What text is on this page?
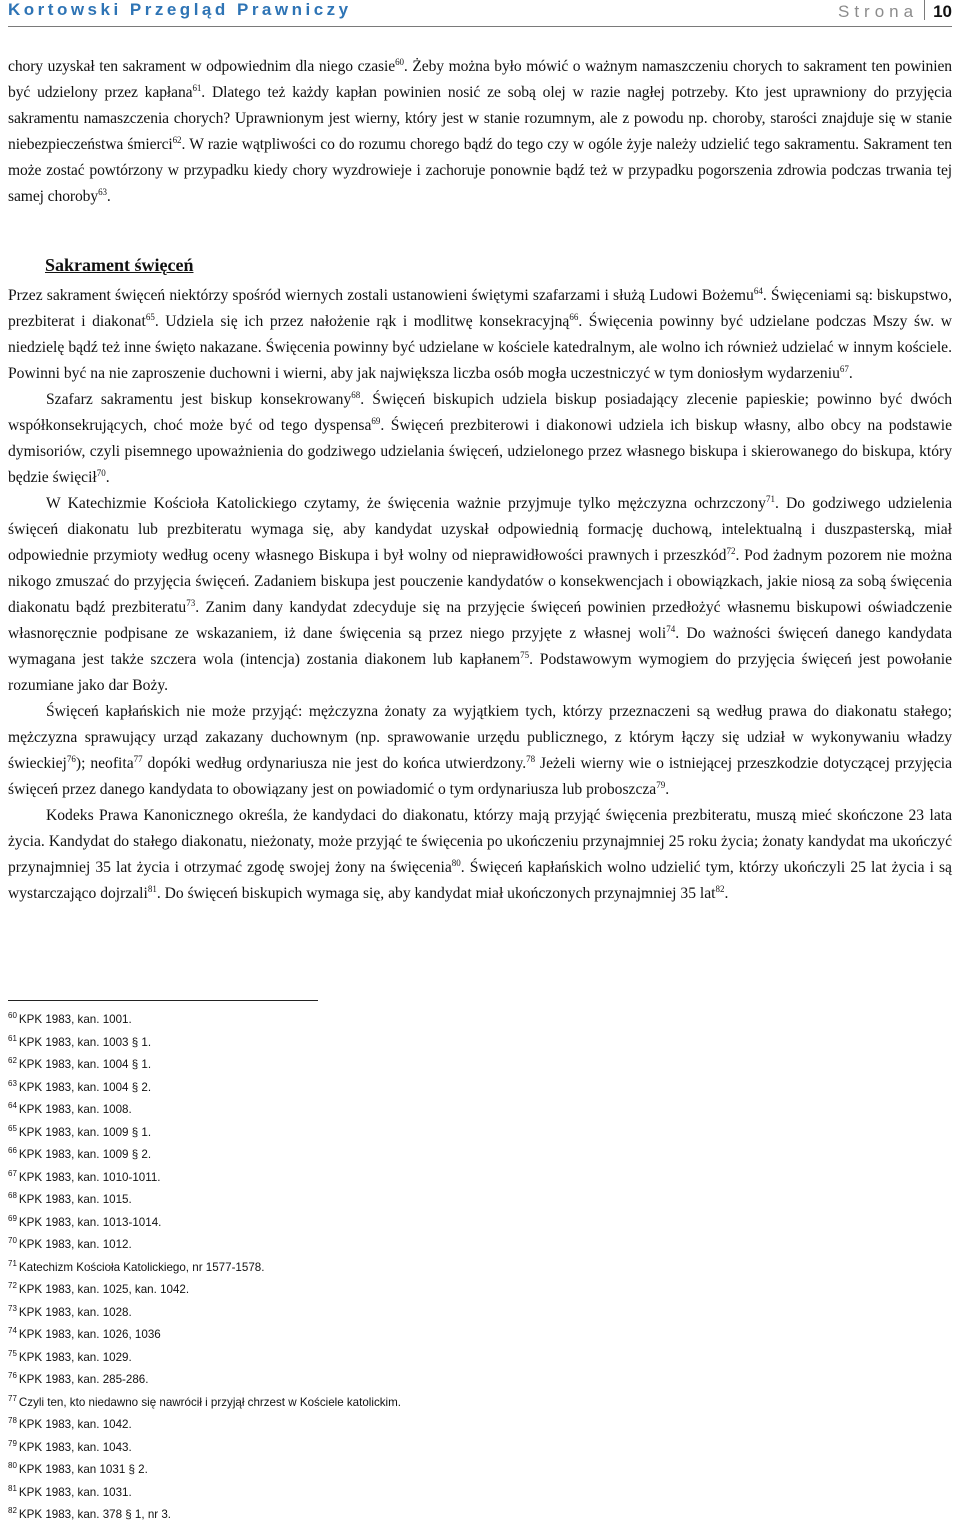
Kortowski Przegląd Prawniczy	Strona 10

chory uzyskał ten sakrament w odpowiednim dla niego czasie$^{60}$. Żeby można było mówić o ważnym namaszczeniu chorych to sakrament ten powinien być udzielony przez kapłana$^{61}$. Dlatego też każdy kapłan powinien nosić ze sobą olej w razie nagłej potrzeby. Kto jest uprawniony do przyjęcia sakramentu namaszczenia chorych? Uprawnionym jest wierny, który jest w stanie rozumnym, ale z powodu np. choroby, starości znajduje się w stanie niebezpieczeństwa śmierci$^{62}$. W razie wątpliwości co do rozumu chorego bądź do tego czy w ogóle żyje należy udzielić tego sakramentu. Sakrament ten może zostać powtórzony w przypadku kiedy chory wyzdrowieje i zachoruje ponownie bądź też w przypadku pogorszenia zdrowia podczas trwania tej samej choroby$^{63}$.

Sakrament święceń

Przez sakrament święceń niektórzy spośród wiernych zostali ustanowieni świętymi szafarzami i służą Ludowi Bożemu$^{64}$. Święceniami są: biskupstwo, prezbiterat i diakonat$^{65}$. Udziela się ich przez nałożenie rąk i modlitwę konsekracyjną$^{66}$. Święcenia powinny być udzielane podczas Mszy św. w niedzielę bądź też inne święto nakazane. Święcenia powinny być udzielane w kościele katedralnym, ale wolno ich również udzielać w innym kościele. Powinni być na nie zaproszenie duchowni i wierni, aby jak największa liczba osób mogła uczestniczyć w tym doniosłym wydarzeniu$^{67}$.

Szafarz sakramentu jest biskup konsekrowany$^{68}$. Święceń biskupich udziela biskup posiadający zlecenie papieskie; powinno być dwóch współkonsekrujących, choć może być od tego dyspensa$^{69}$. Święceń prezbiterowi i diakonowi udziela ich biskup własny, albo obcy na podstawie dymisoriów, czyli pisemnego upoważnienia do godziwego udzielania święceń, udzielonego przez własnego biskupa i skierowanego do biskupa, który będzie święcił$^{70}$.

W Katechizmie Kościoła Katolickiego czytamy, że święcenia ważnie przyjmuje tylko mężczyzna ochrzczony$^{71}$. Do godziwego udzielenia święceń diakonatu lub prezbiteratu wymaga się, aby kandydat uzyskał odpowiednią formację duchową, intelektualną i duszpasterską, miał odpowiednie przymioty według oceny własnego Biskupa i był wolny od nieprawidłowości prawnych i przeszkód$^{72}$. Pod żadnym pozorem nie można nikogo zmuszać do przyjęcia święceń. Zadaniem biskupa jest pouczenie kandydatów o konsekwencjach i obowiązkach, jakie niosą za sobą święcenia diakonatu bądź prezbiteratu$^{73}$. Zanim dany kandydat zdecyduje się na przyjęcie święceń powinien przedłożyć własnemu biskupowi oświadczenie własnoręcznie podpisane ze wskazaniem, iż dane święcenia są przez niego przyjęte z własnej woli$^{74}$. Do ważności święceń danego kandydata wymagana jest także szczera wola (intencja) zostania diakonem lub kapłanem$^{75}$. Podstawowym wymogiem do przyjęcia święceń jest powołanie rozumiane jako dar Boży.

Święceń kapłańskich nie może przyjąć: mężczyzna żonaty za wyjątkiem tych, którzy przeznaczeni są według prawa do diakonatu stałego; mężczyzna sprawujący urząd zakazany duchownym (np. sprawowanie urzędu publicznego, z którym łączy się udział w wykonywaniu władzy świeckiej$^{76}$); neofita$^{77}$ dopóki według ordynariusza nie jest do końca utwierdzony.$^{78}$ Jeżeli wierny wie o istniejącej przeszkodzie dotyczącej przyjęcia święceń przez danego kandydata to obowiązany jest on powiadomić o tym ordynariusza lub proboszcza$^{79}$.

Kodeks Prawa Kanonicznego określa, że kandydaci do diakonatu, którzy mają przyjąć święcenia prezbiteratu, muszą mieć skończone 23 lata życia. Kandydat do stałego diakonatu, nieżonaty, może przyjąć te święcenia po ukończeniu przynajmniej 25 roku życia; żonaty kandydat ma ukończyć przynajmniej 35 lat życia i otrzymać zgodę swojej żony na święcenia$^{80}$. Święceń kapłańskich wolno udzielić tym, którzy ukończyli 25 lat życia i są wystarczająco dojrzali$^{81}$. Do święceń biskupich wymaga się, aby kandydat miał ukończonych przynajmniej 35 lat$^{82}$.

$^{60}$ KPK 1983, kan. 1001.
$^{61}$ KPK 1983, kan. 1003 § 1.
$^{62}$ KPK 1983, kan. 1004 § 1.
$^{63}$ KPK 1983, kan. 1004 § 2.
$^{64}$ KPK 1983, kan. 1008.
$^{65}$ KPK 1983, kan. 1009 § 1.
$^{66}$ KPK 1983, kan. 1009 § 2.
$^{67}$ KPK 1983, kan. 1010-1011.
$^{68}$ KPK 1983, kan. 1015.
$^{69}$ KPK 1983, kan. 1013-1014.
$^{70}$ KPK 1983, kan. 1012.
$^{71}$ Katechizm Kościoła Katolickiego, nr 1577-1578.
$^{72}$ KPK 1983, kan. 1025, kan. 1042.
$^{73}$ KPK 1983, kan. 1028.
$^{74}$ KPK 1983, kan. 1026, 1036
$^{75}$ KPK 1983, kan. 1029.
$^{76}$ KPK 1983, kan. 285-286.
$^{77}$ Czyli ten, kto niedawno się nawrócił i przyjął chrzest w Kościele katolickim.
$^{78}$ KPK 1983, kan. 1042.
$^{79}$ KPK 1983, kan. 1043.
$^{80}$ KPK 1983, kan 1031 § 2.
$^{81}$ KPK 1983, kan. 1031.
$^{82}$ KPK 1983, kan. 378 § 1, nr 3.
